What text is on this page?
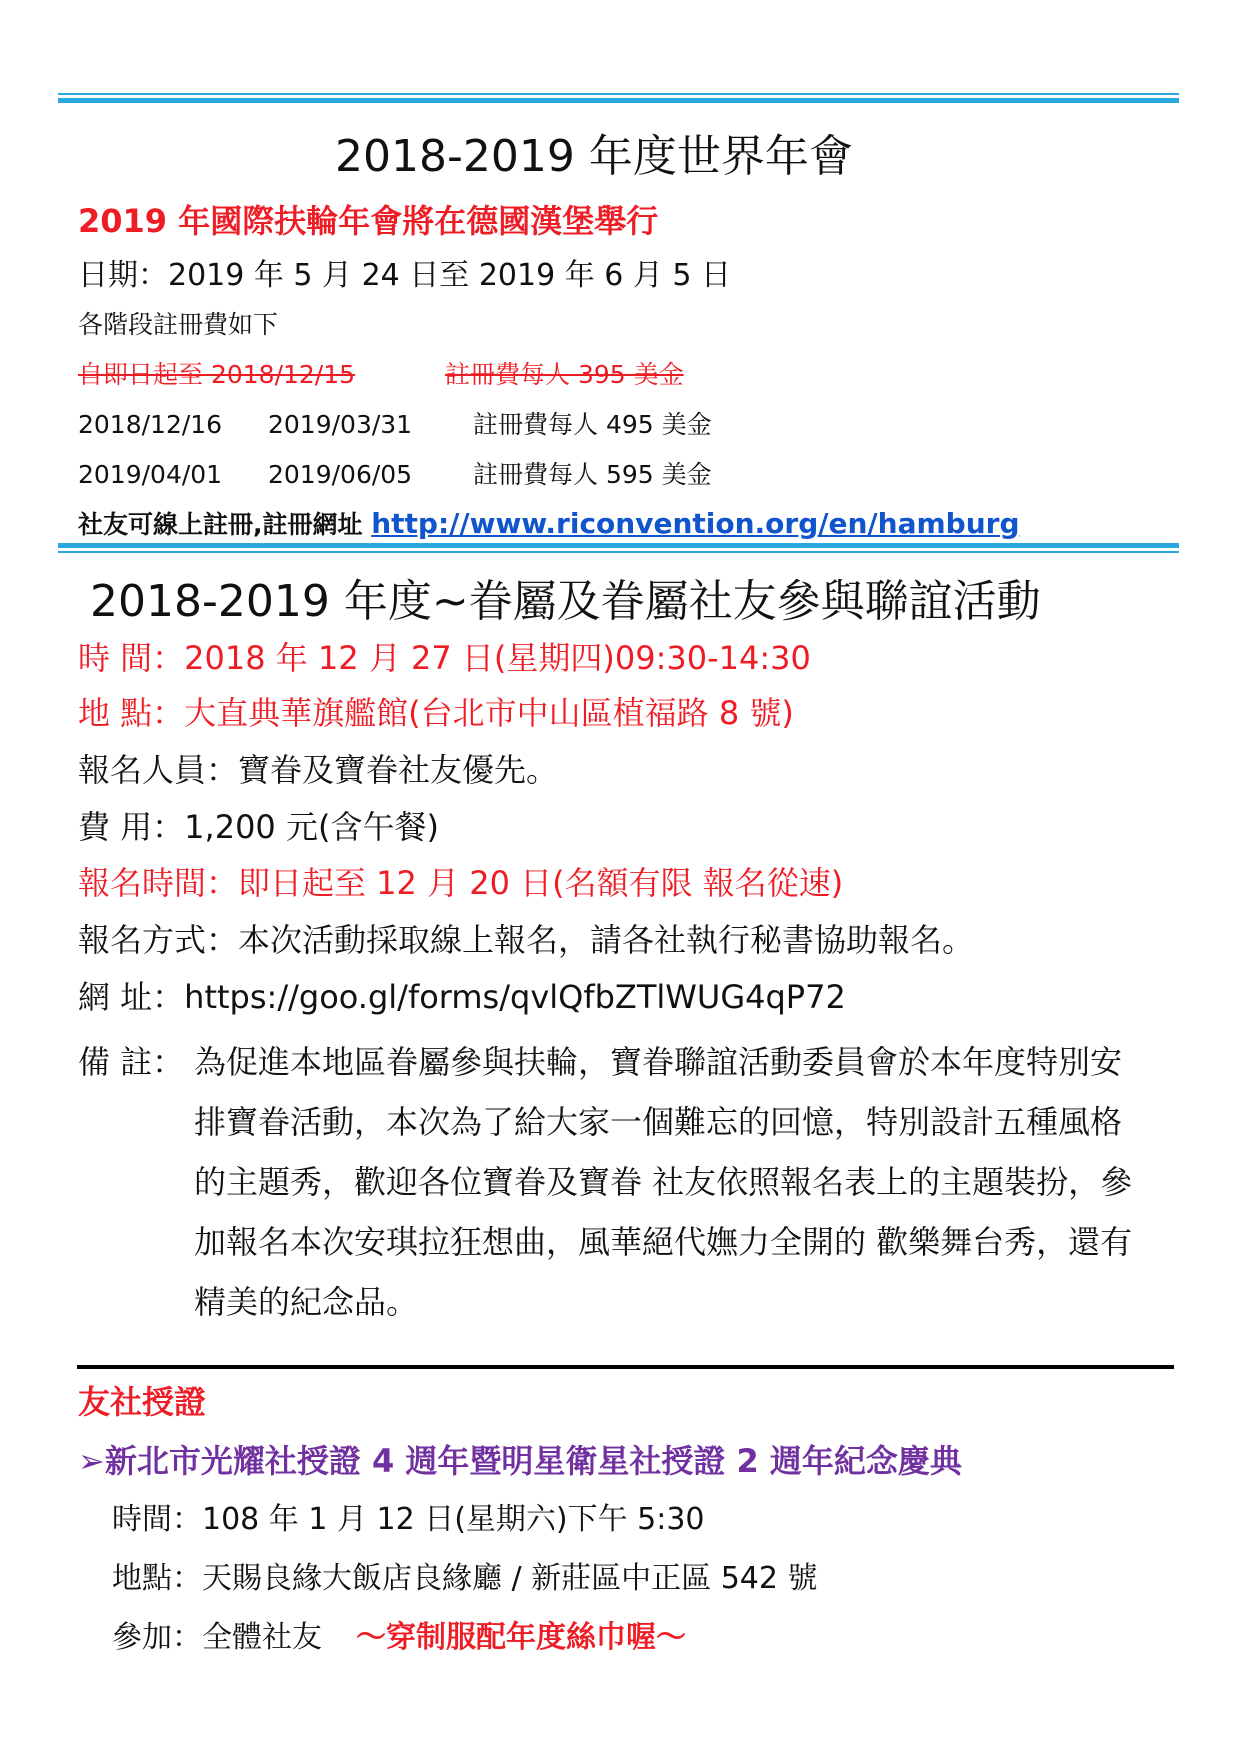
2018-2019 年度世界年會
2019 年國際扶輪年會將在德國漢堡舉行
日期：2019 年 5 月 24 日至 2019 年 6 月 5 日
各階段註冊費如下
自即日起至 2018/12/15	註冊費每人 395 美金
2018/12/16 2019/03/31 註冊費每人 495 美金
2019/04/01 2019/06/05 註冊費每人 595 美金
社友可線上註冊,註冊網址 http://www.riconvention.org/en/hamburg
2018-2019 年度~眷屬及眷屬社友參與聯誼活動
時 間：2018 年 12 月 27 日(星期四)09:30-14:30
地 點：大直典華旗艦館(台北市中山區植福路 8 號)
報名人員：寶眷及寶眷社友優先。
費 用：1,200 元(含午餐)
報名時間：即日起至 12 月 20 日(名額有限 報名從速)
報名方式：本次活動採取線上報名，請各社執行秘書協助報名。
網 址：https://goo.gl/forms/qvlQfbZTlWUG4qP72
備 註： 為促進本地區眷屬參與扶輪，寶眷聯誼活動委員會於本年度特別安
排寶眷活動，本次為了給大家一個難忘的回憶，特別設計五種風格
的主題秀，歡迎各位寶眷及寶眷 社友依照報名表上的主題裝扮，參
加報名本次安琪拉狂想曲，風華絕代嫵力全開的 歡樂舞台秀，還有
精美的紀念品。
友社授證
➢新北市光耀社授證 4 週年暨明星衛星社授證 2 週年紀念慶典
時間：108 年 1 月 12 日(星期六)下午 5:30
地點：天賜良緣大飯店良緣廳 / 新莊區中正區 542 號
參加：全體社友 ～穿制服配年度絲巾喔～
